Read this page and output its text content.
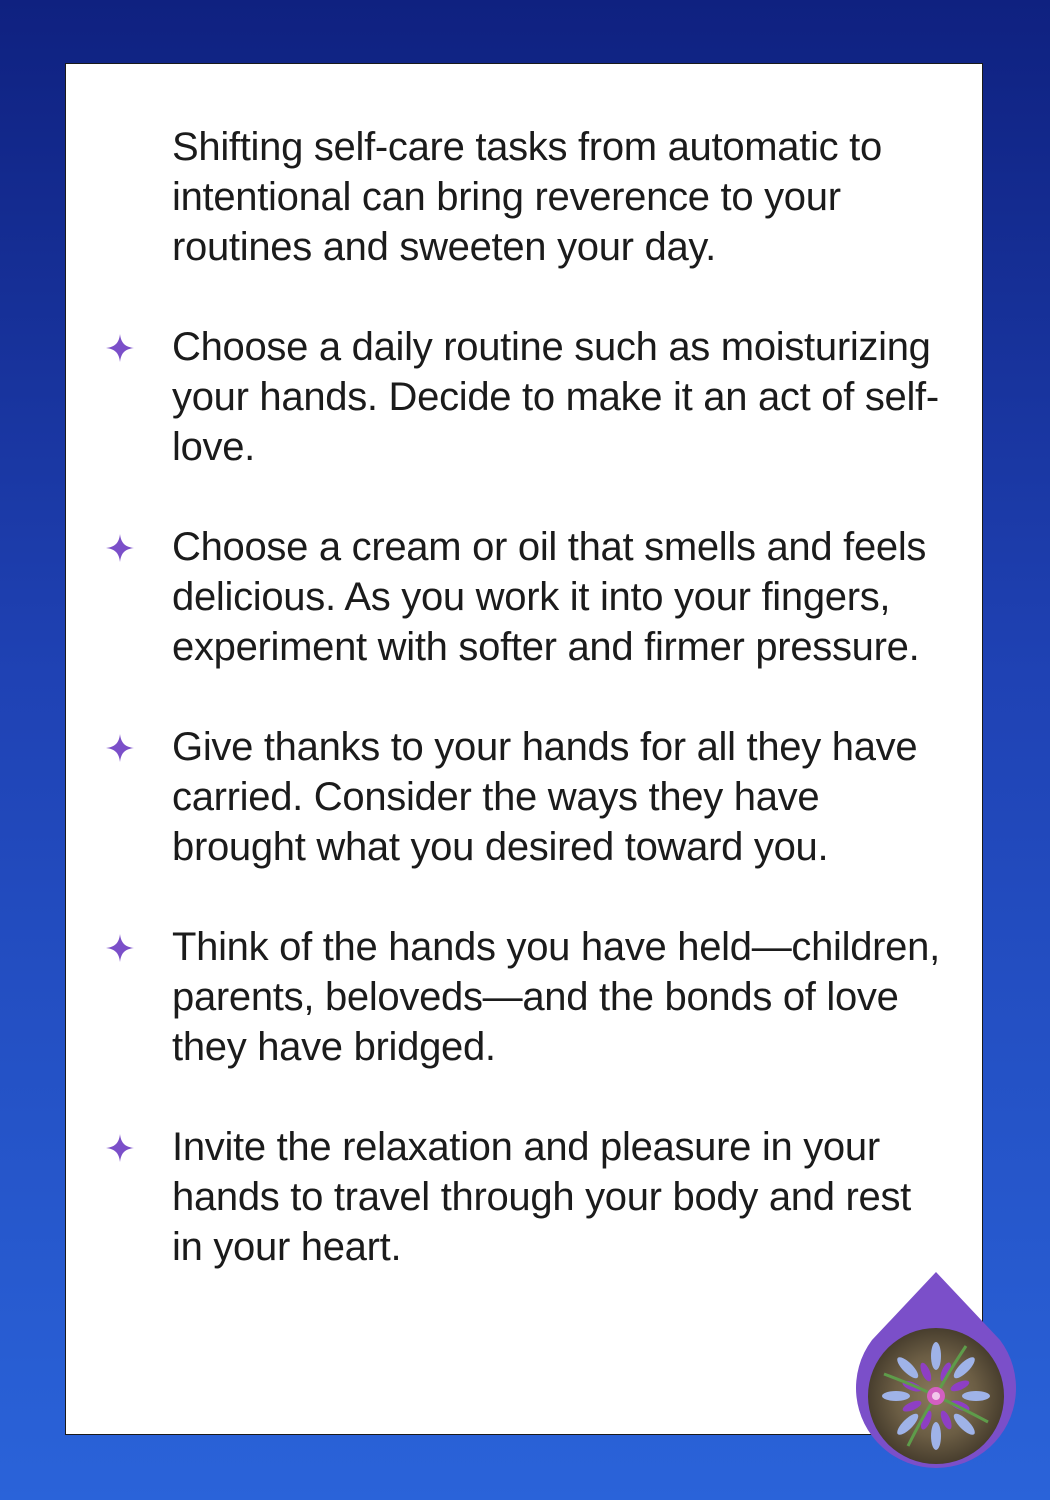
Shifting self-care tasks from automatic to intentional can bring reverence to your routines and sweeten your day.

Choose a daily routine such as moisturizing your hands. Decide to make it an act of self-love.
Choose a cream or oil that smells and feels delicious. As you work it into your fingers, experiment with softer and firmer pressure.
Give thanks to your hands for all they have carried. Consider the ways they have brought what you desired toward you.
Think of the hands you have held—children, parents, beloveds—and the bonds of love they have bridged.
Invite the relaxation and pleasure in your hands to travel through your body and rest in your heart.
